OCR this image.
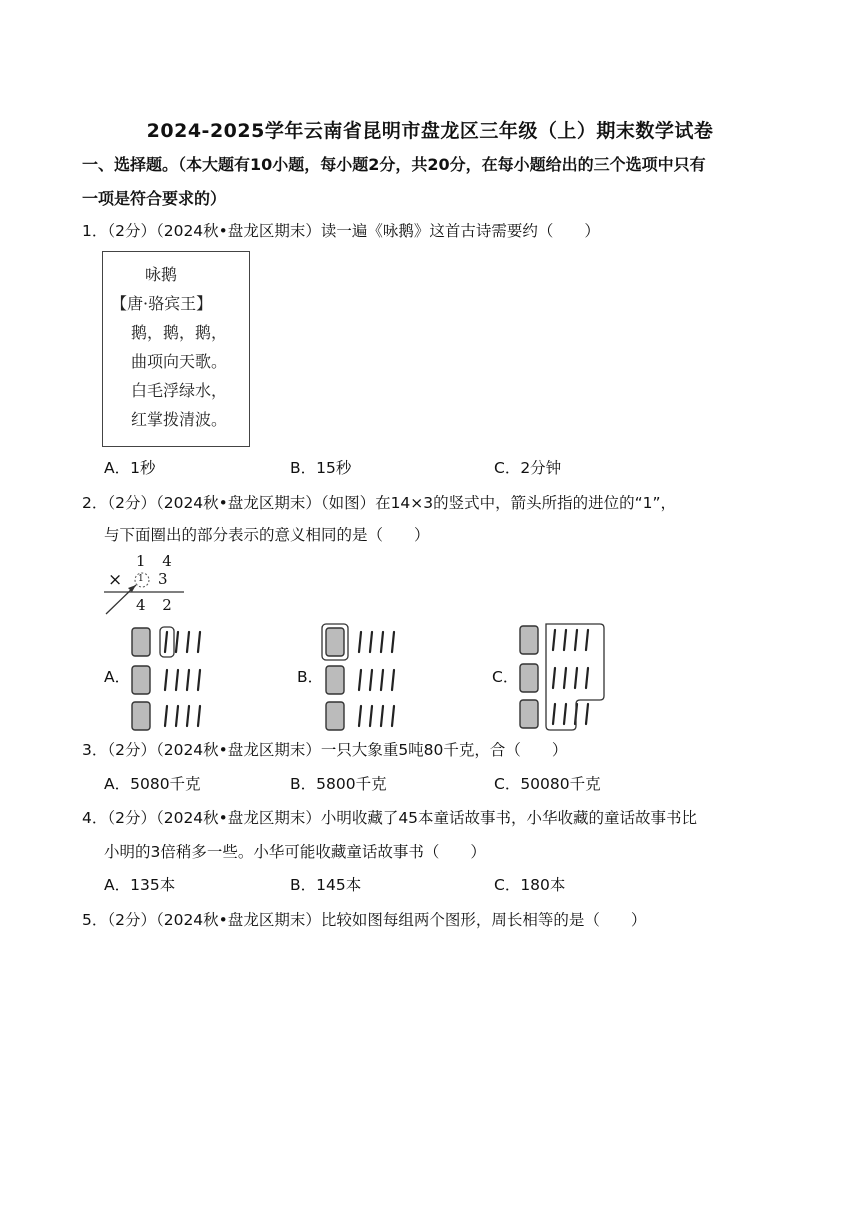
2024-2025学年云南省昆明市盘龙区三年级（上）期末数学试卷
一、选择题。（本大题有10小题，每小题2分，共20分，在每小题给出的三个选项中只有
一项是符合要求的）
1．（2分）（2024秋•盘龙区期末）读一遍《咏鹅》这首古诗需要约（　　）
咏鹅
【唐·骆宾王】
鹅，鹅，鹅，
曲项向天歌。
白毛浮绿水，
红掌拨清波。
A．1秒	B．15秒	C．2分钟
2．（2分）（2024秋•盘龙区期末）（如图）在14×3的竖式中，箭头所指的进位的“1”，
与下面圈出的部分表示的意义相同的是（　　）
1 4
× 1 3
4 2
A．	B．	C．
3．（2分）（2024秋•盘龙区期末）一只大象重5吨80千克，合（　　）
A．5080千克	B．5800千克	C．50080千克
4．（2分）（2024秋•盘龙区期末）小明收藏了45本童话故事书，小华收藏的童话故事书比
小明的3倍稍多一些。小华可能收藏童话故事书（　　）
A．135本	B．145本	C．180本
5．（2分）（2024秋•盘龙区期末）比较如图每组两个图形，周长相等的是（　　）
